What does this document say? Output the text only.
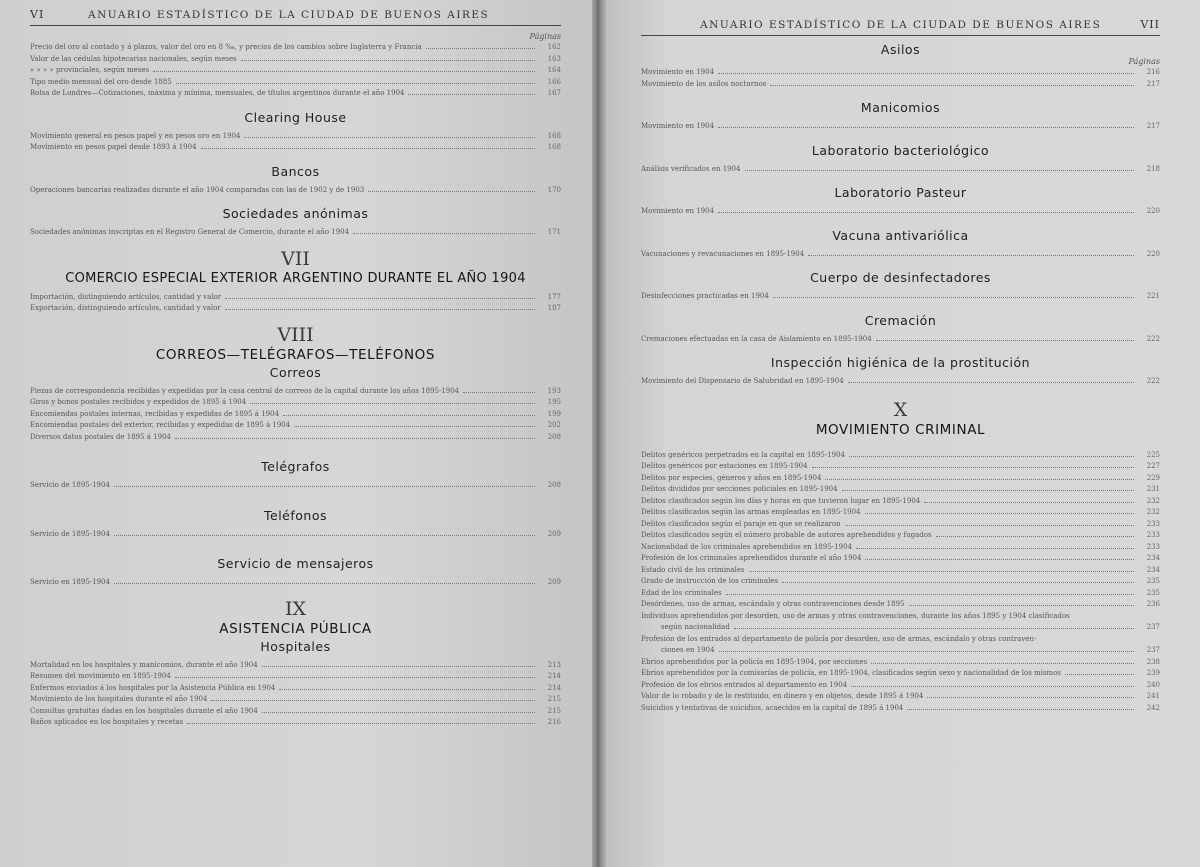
VI	ANUARIO ESTADÍSTICO DE LA CIUDAD DE BUENOS AIRES
Páginas
Precio del oro al contado y á plazos, valor del oro en 8 ‰, y precios de los cambios sobre Inglaterra y Francia	162
Valor de las cédulas hipotecarias nacionales, según meses	163
» » » » provinciales, según meses	164
Tipo medio mensual del oro desde 1885	166
Bolsa de Londres—Cotizaciones, máxima y mínima, mensuales, de títulos argentinos durante el año 1904	167
Clearing House
Movimiento general en pesos papel y en pesos oro en 1904	168
Movimiento en pesos papel desde 1893 á 1904	168
Bancos
Operaciones bancarias realizadas durante el año 1904 comparadas con las de 1902 y de 1903	170
Sociedades anónimas
Sociedades anónimas inscriptas en el Registro General de Comercio, durante el año 1904	171
VII
COMERCIO ESPECIAL EXTERIOR ARGENTINO DURANTE EL AÑO 1904
Importación, distinguiendo artículos, cantidad y valor	177
Exportación, distinguiendo artículos, cantidad y valor	187
VIII
CORREOS—TELÉGRAFOS—TELÉFONOS
Correos
Piezas de correspondencia recibidas y expedidas por la casa central de correos de la capital durante los años 1895-1904	193
Giros y bonos postales recibidos y expedidos de 1895 á 1904	195
Encomiendas postales internas, recibidas y expedidas de 1895 á 1904	199
Encomiendas postales del exterior, recibidas y expedidas de 1895 á 1904	202
Diversos datos postales de 1895 á 1904	208
Telégrafos
Servicio de 1895-1904	208
Teléfonos
Servicio de 1895-1904	209
Servicio de mensajeros
Servicio en 1895-1904	209
IX
ASISTENCIA PÚBLICA
Hospitales
Mortalidad en los hospitales y manicomios, durante el año 1904	213
Resumen del movimiento en 1895-1904	214
Enfermos enviados á los hospitales por la Asistencia Pública en 1904	214
Movimiento de los hospitales durante el año 1904	215
Consultas gratuitas dadas en los hospitales durante el año 1904	215
Baños aplicados en los hospitales y recetas	216
ANUARIO ESTADÍSTICO DE LA CIUDAD DE BUENOS AIRES	VII
Asilos
Páginas
Movimiento en 1904	216
Movimiento de los asilos nocturnos	217
Manicomios
Movimiento en 1904	217
Laboratorio bacteriológico
Análisis verificados en 1904	218
Laboratorio Pasteur
Movimiento en 1904	220
Vacuna antivariólica
Vacunaciones y revacunaciones en 1895-1904	220
Cuerpo de desinfectadores
Desinfecciones practicadas en 1904	221
Cremación
Cremaciones efectuadas en la casa de Aislamiento en 1895-1904	222
Inspección higiénica de la prostitución
Movimiento del Dispensario de Salubridad en 1895-1904	222
X
MOVIMIENTO CRIMINAL
Delitos genéricos perpetrados en la capital en 1895-1904	225
Delitos genéricos por estaciones en 1895-1904	227
Delitos por especies, géneros y años en 1895-1904	229
Delitos divididos por secciones policiales en 1895-1904	231
Delitos clasificados según los días y horas en que tuvieron lugar en 1895-1904	232
Delitos clasificados según las armas empleadas en 1895-1904	232
Delitos clasificados según el paraje en que se realizaron	233
Delitos clasificados según el número probable de autores aprehendidos y fugados	233
Nacionalidad de los criminales aprehendidos en 1895-1904	233
Profesión de los criminales aprehendidos durante el año 1904	234
Estado civil de los criminales	234
Grado de instrucción de los criminales	235
Edad de los criminales	235
Desórdenes, uso de armas, escándalo y otras contravenciones desde 1895	236
Individuos aprehendidos por desorden, uso de armas y otras contravenciones, durante los años 1895 y 1904 clasificados
según nacionalidad	237
Profesión de los entrados al departamento de policía por desorden, uso de armas, escándalo y otras contraven-
ciones en 1904	237
Ebrios aprehendidos por la policía en 1895-1904, por secciones	238
Ebrios aprehendidos por la comisarías de policía, en 1895-1904, clasificados según sexo y nacionalidad de los mismos	239
Profesión de los ebrios entrados al departamento en 1904	240
Valor de lo robado y de lo restituido, en dinero y en objetos, desde 1895 á 1904	241
Suicidios y tentativas de suicidios, acaecidos en la capital de 1895 á 1904	242
